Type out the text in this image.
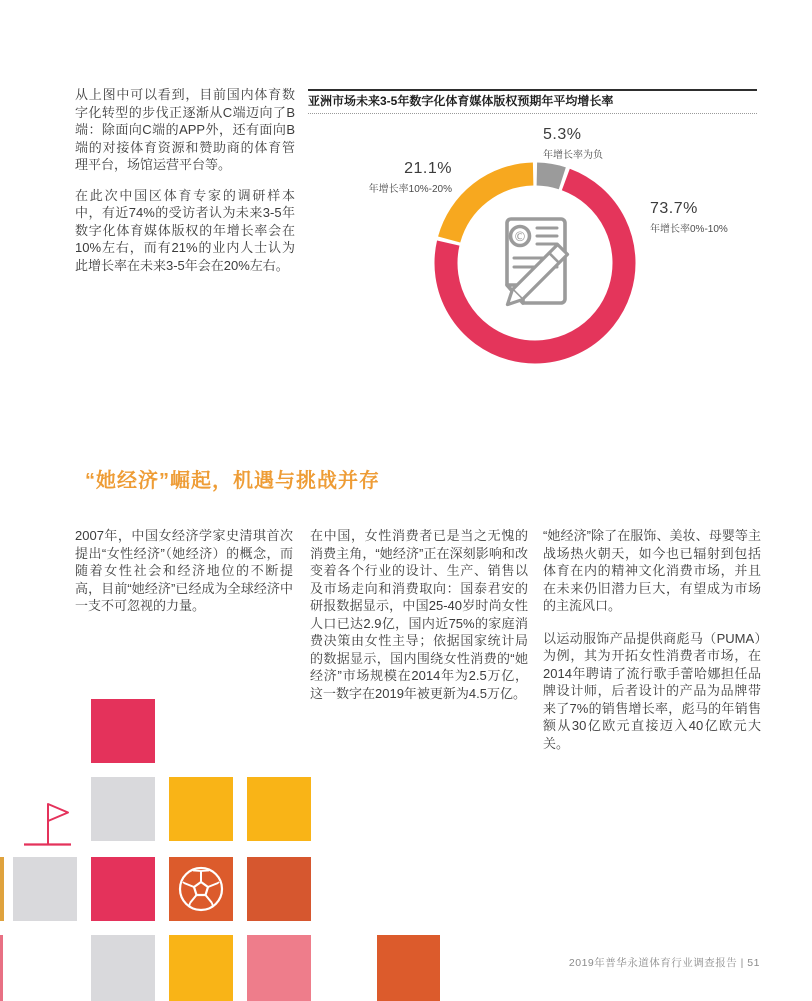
从上图中可以看到，目前国内体育数字化转型的步伐正逐渐从C端迈向了B端：除面向C端的APP外，还有面向B端的对接体育资源和赞助商的体育管理平台，场馆运营平台等。

在此次中国区体育专家的调研样本中，有近74%的受访者认为未来3-5年数字化体育媒体版权的年增长率会在10%左右，而有21%的业内人士认为此增长率在未来3-5年会在20%左右。

亚洲市场未来3-5年数字化体育媒体版权预期年平均增长率
©
5.3%
年增长率为负
21.1%
年增长率10%-20%
73.7%
年增长率0%-10%
“她经济”崛起，机遇与挑战并存

2007年，中国女经济学家史清琪首次提出“女性经济”（她经济）的概念，而随着女性社会和经济地位的不断提高，目前“她经济”已经成为全球经济中一支不可忽视的力量。

在中国，女性消费者已是当之无愧的消费主角，“她经济”正在深刻影响和改变着各个行业的设计、生产、销售以及市场走向和消费取向：国泰君安的研报数据显示，中国25-40岁时尚女性人口已达2.9亿，国内近75%的家庭消费决策由女性主导；依据国家统计局的数据显示，国内围绕女性消费的“她经济”市场规模在2014年为2.5万亿，这一数字在2019年被更新为4.5万亿。

“她经济”除了在服饰、美妆、母婴等主战场热火朝天，如今也已辐射到包括体育在内的精神文化消费市场，并且在未来仍旧潜力巨大，有望成为市场的主流风口。

以运动服饰产品提供商彪马（PUMA）为例，其为开拓女性消费者市场，在2014年聘请了流行歌手蕾哈娜担任品牌设计师，后者设计的产品为品牌带来了7%的销售增长率，彪马的年销售额从30亿欧元直接迈入40亿欧元大关。

2019年普华永道体育行业调查报告 | 51
